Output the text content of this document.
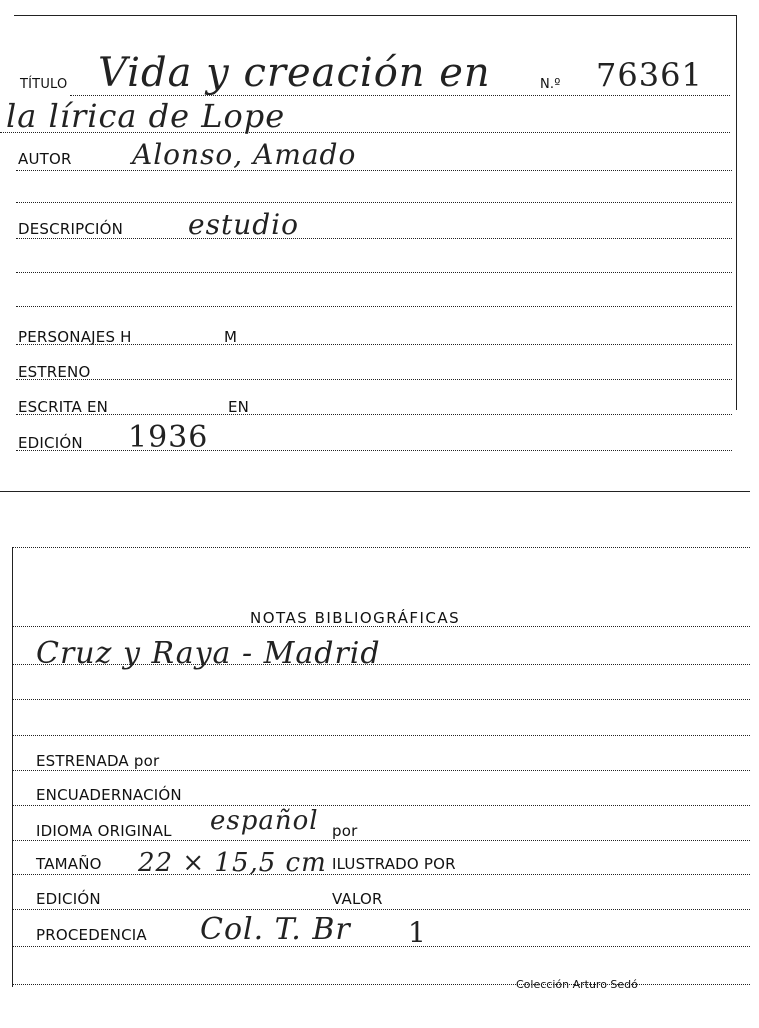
TÍTULO Vida y creación en	N.º 76361
la lírica de Lope
AUTOR Alonso, Amado
DESCRIPCIÓN estudio
PERSONAJES H	M
ESTRENO
ESCRITA EN	EN
EDICIÓN 1936
NOTAS BIBLIOGRÁFICAS
Cruz y Raya - Madrid
ESTRENADA por
ENCUADERNACIÓN
IDIOMA ORIGINAL español por
TAMAÑO 22 × 15,5 cm ILUSTRADO POR
EDICIÓN	VALOR
PROCEDENCIA Col. T. Br 1
Colección Arturo Sedó
